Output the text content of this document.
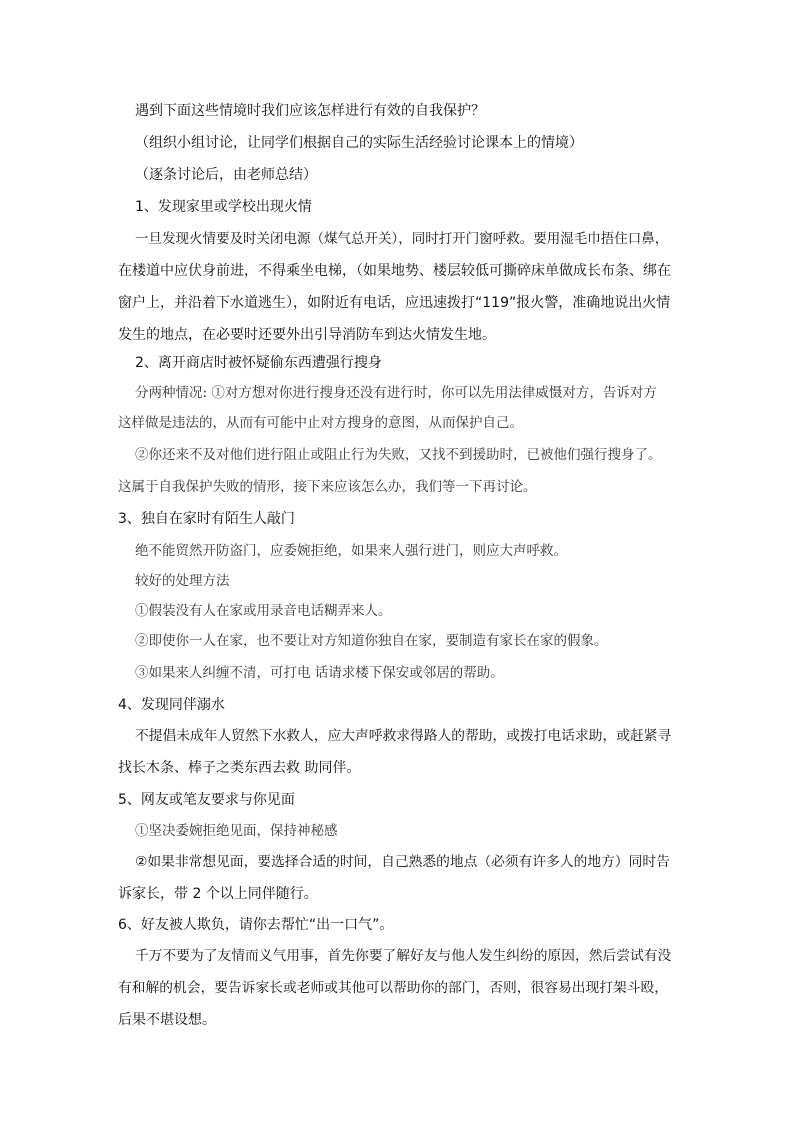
遇到下面这些情境时我们应该怎样进行有效的自我保护？
（组织小组讨论，让同学们根据自己的实际生活经验讨论课本上的情境）
（逐条讨论后，由老师总结）
1、发现家里或学校出现火情
一旦发现火情要及时关闭电源（煤气总开关），同时打开门窗呼救。要用湿毛巾捂住口鼻，
在楼道中应伏身前进，不得乘坐电梯，（如果地势、楼层较低可撕碎床单做成长布条、绑在
窗户上，并沿着下水道逃生），如附近有电话，应迅速拨打“119”报火警，准确地说出火情
发生的地点，在必要时还要外出引导消防车到达火情发生地。
2、离开商店时被怀疑偷东西遭强行搜身
分两种情况: ①对方想对你进行搜身还没有进行时，你可以先用法律威慑对方，告诉对方
这样做是违法的，从而有可能中止对方搜身的意图，从而保护自己。
②你还来不及对他们进行阻止或阻止行为失败，又找不到援助时，已被他们强行搜身了。
这属于自我保护失败的情形，接下来应该怎么办，我们等一下再讨论。
3、独自在家时有陌生人敲门
绝不能贸然开防盗门，应委婉拒绝，如果来人强行进门，则应大声呼救。
较好的处理方法
①假装没有人在家或用录音电话糊弄来人。
②即使你一人在家，也不要让对方知道你独自在家，要制造有家长在家的假象。
③如果来人纠缠不清，可打电 话请求楼下保安或邻居的帮助。
4、发现同伴溺水
不提倡未成年人贸然下水救人，应大声呼救求得路人的帮助，或拨打电话求助，或赶紧寻
找长木条、棒子之类东西去救 助同伴。
5、网友或笔友要求与你见面
①坚决委婉拒绝见面，保持神秘感
②如果非常想见面，要选择合适的时间，自己熟悉的地点（必须有许多人的地方）同时告
诉家长，带 2 个以上同伴随行。
6、好友被人欺负，请你去帮忙“出一口气”。
千万不要为了友情而义气用事，首先你要了解好友与他人发生纠纷的原因，然后尝试有没
有和解的机会，要告诉家长或老师或其他可以帮助你的部门，否则，很容易出现打架斗殴，
后果不堪设想。
